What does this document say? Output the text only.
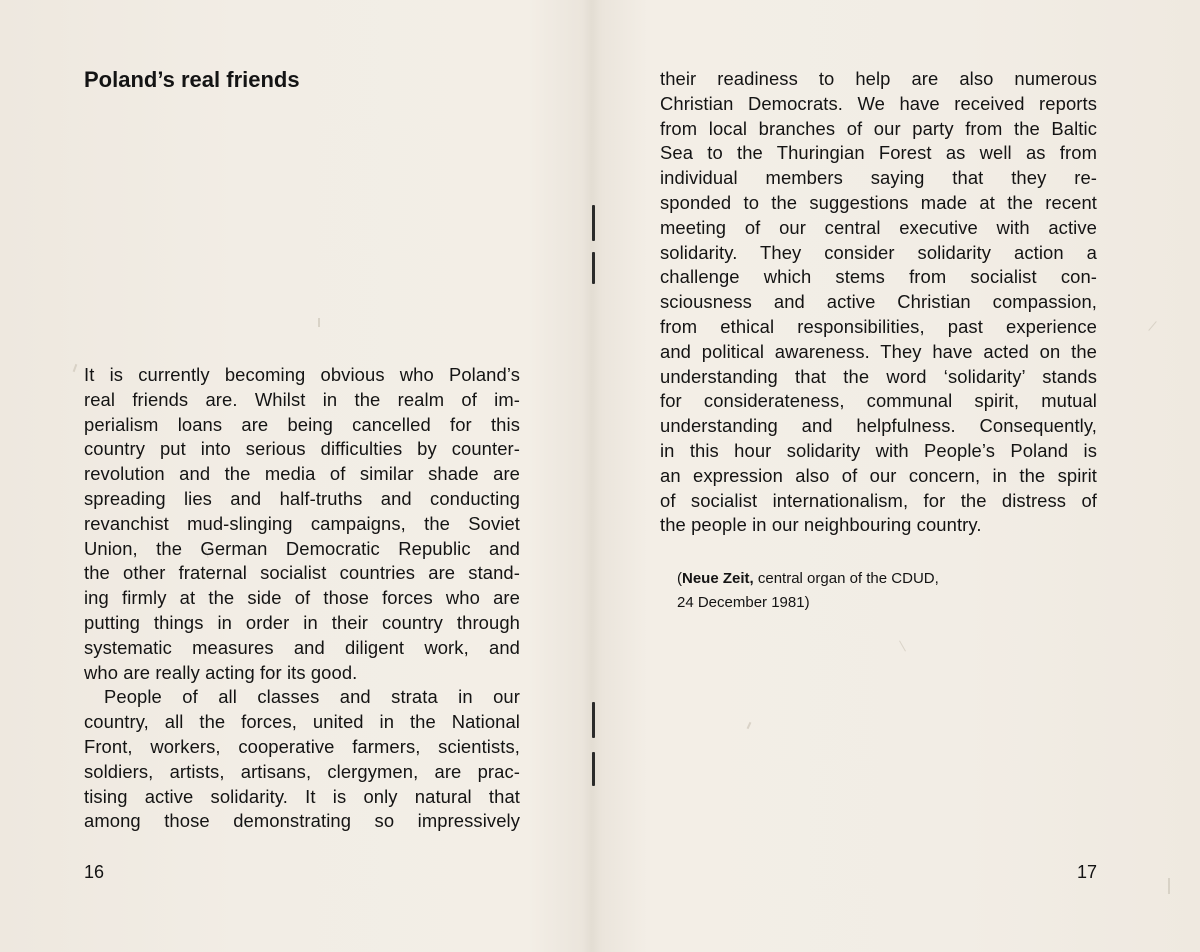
Poland’s real friends

It is currently becoming obvious who Poland’s
real friends are. Whilst in the realm of im-
perialism loans are being cancelled for this
country put into serious difficulties by counter-
revolution and the media of similar shade are
spreading lies and half-truths and conducting
revanchist mud-slinging campaigns, the Soviet
Union, the German Democratic Republic and
the other fraternal socialist countries are stand-
ing firmly at the side of those forces who are
putting things in order in their country through
systematic measures and diligent work, and
who are really acting for its good.

People of all classes and strata in our
country, all the forces, united in the National
Front, workers, cooperative farmers, scientists,
soldiers, artists, artisans, clergymen, are prac-
tising active solidarity. It is only natural that
among those demonstrating so impressively

16

their readiness to help are also numerous
Christian Democrats. We have received reports
from local branches of our party from the Baltic
Sea to the Thuringian Forest as well as from
individual members saying that they re-
sponded to the suggestions made at the recent
meeting of our central executive with active
solidarity. They consider solidarity action a
challenge which stems from socialist con-
sciousness and active Christian compassion,
from ethical responsibilities, past experience
and political awareness. They have acted on the
understanding that the word ‘solidarity’ stands
for considerateness, communal spirit, mutual
understanding and helpfulness. Consequently,
in this hour solidarity with People’s Poland is
an expression also of our concern, in the spirit
of socialist internationalism, for the distress of
the people in our neighbouring country.

(Neue Zeit, central organ of the CDUD,
24 December 1981)
17
